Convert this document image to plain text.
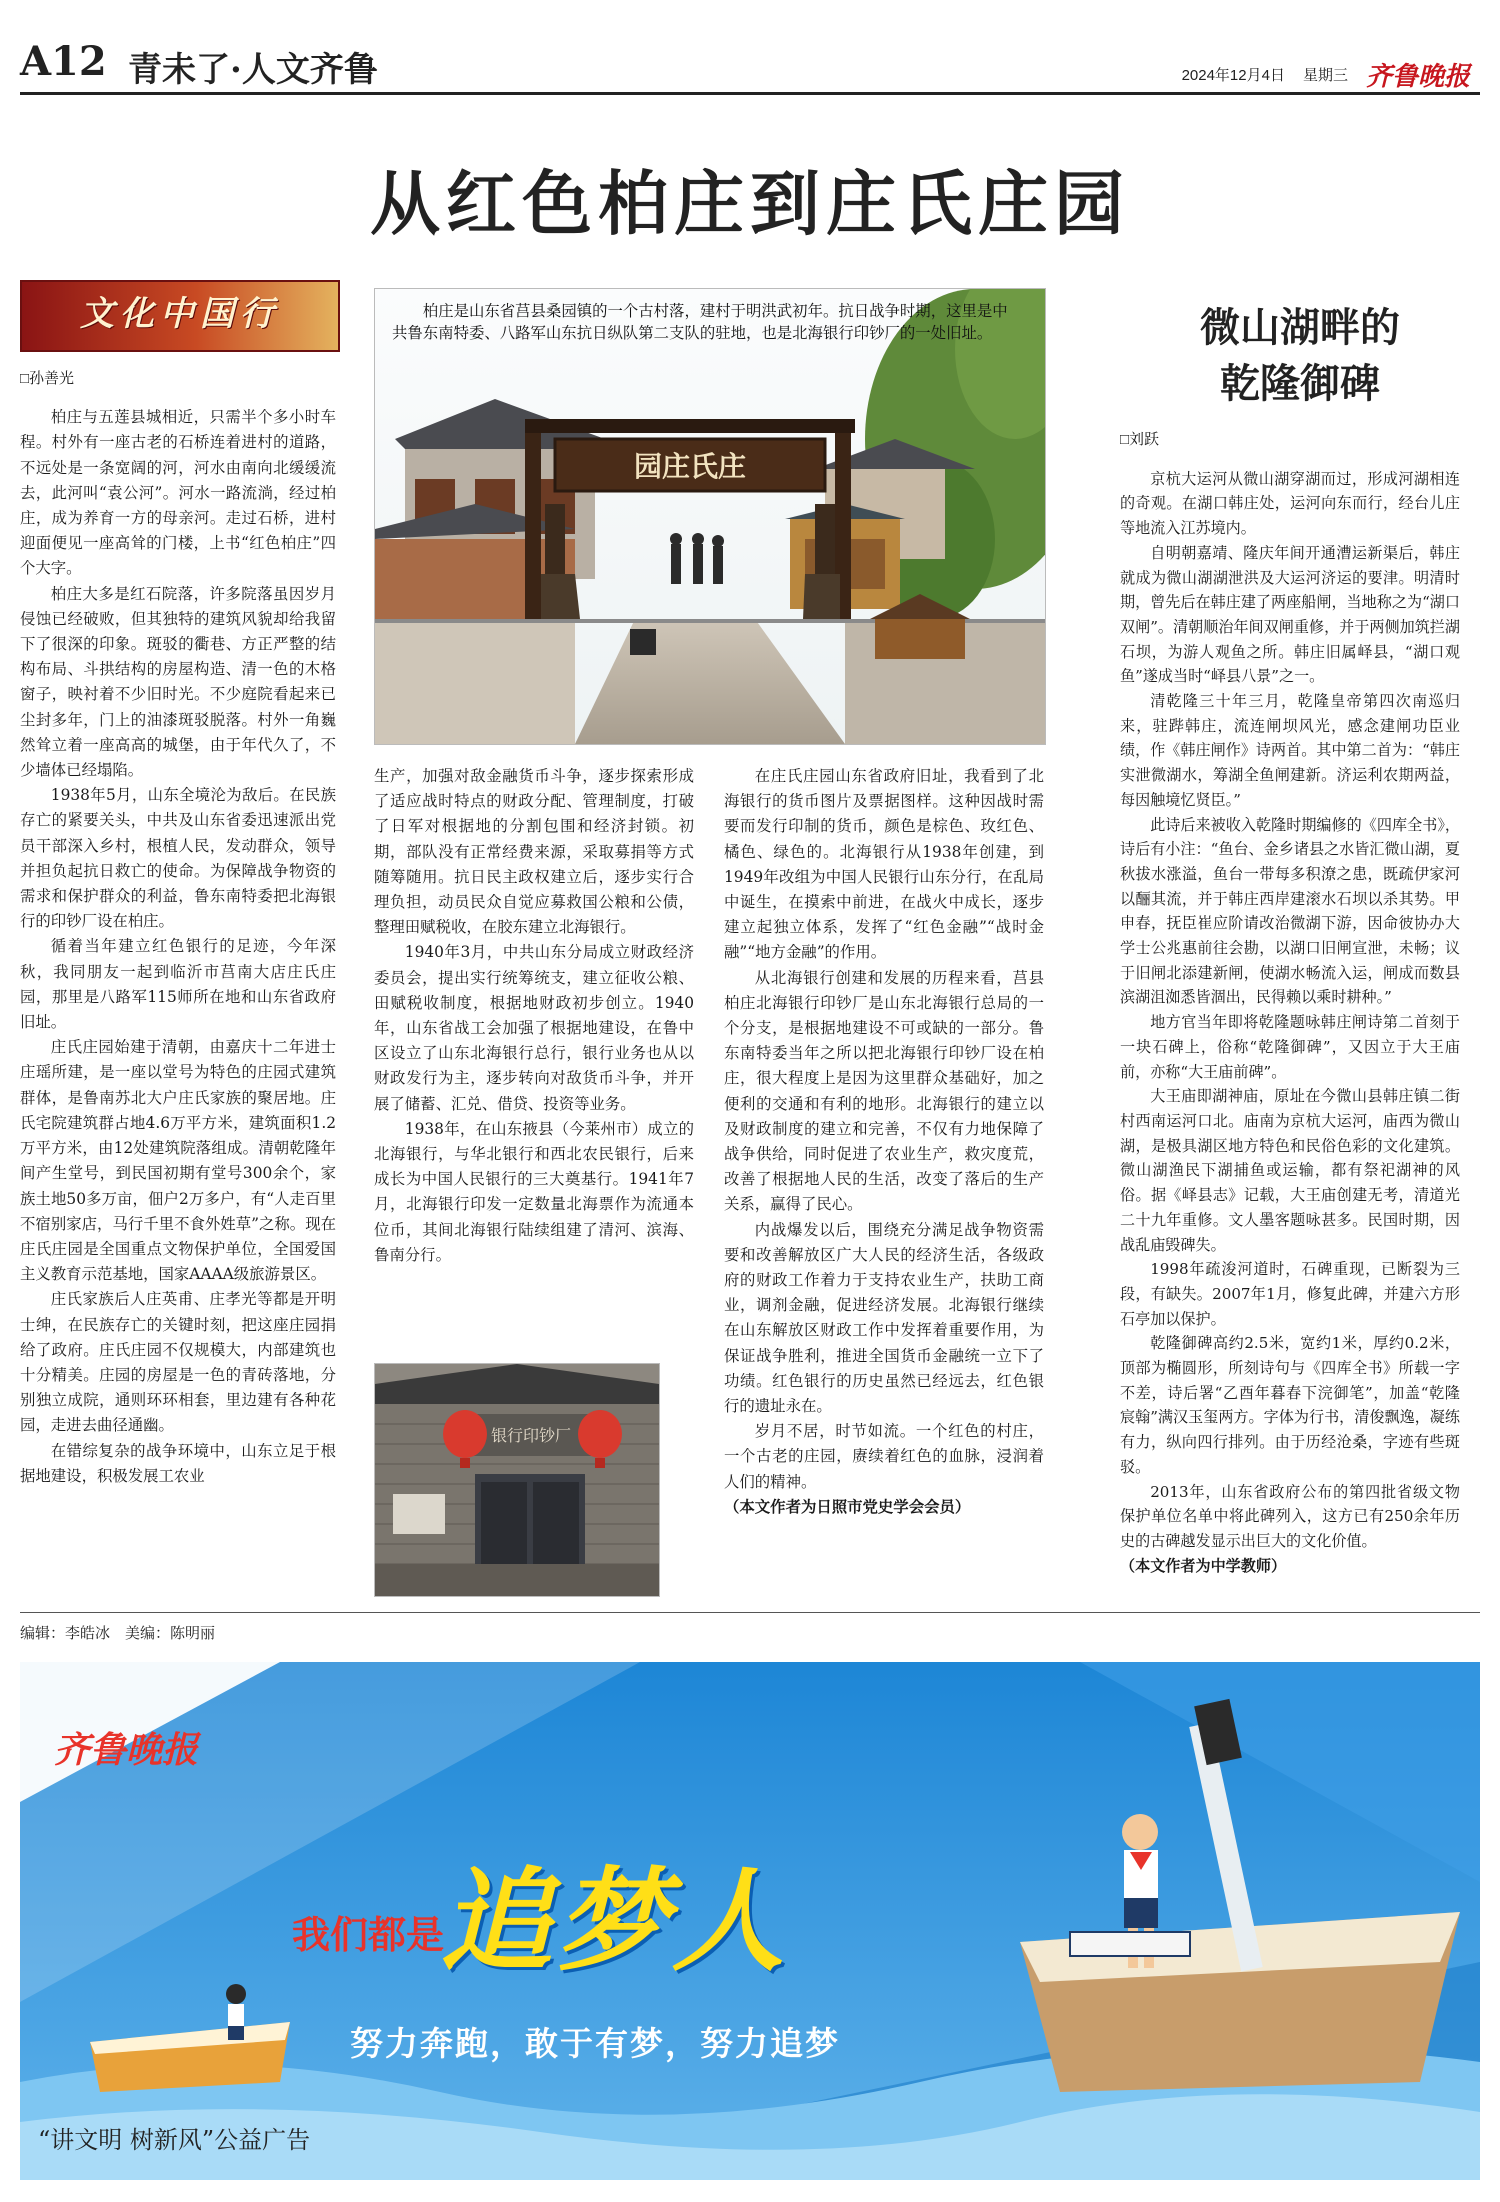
A12 青未了·人文齐鲁	2024年12月4日 星期三 齐鲁晚报
从红色柏庄到庄氏庄园
文化中国行

□孙善光

柏庄与五莲县城相近，只需半个多小时车程。村外有一座古老的石桥连着进村的道路，不远处是一条宽阔的河，河水由南向北缓缓流去，此河叫“袁公河”。河水一路流淌，经过柏庄，成为养育一方的母亲河。走过石桥，进村迎面便见一座高耸的门楼，上书“红色柏庄”四个大字。

柏庄大多是红石院落，许多院落虽因岁月侵蚀已经破败，但其独特的建筑风貌却给我留下了很深的印象。斑驳的衢巷、方正严整的结构布局、斗拱结构的房屋构造、清一色的木格窗子，映衬着不少旧时光。不少庭院看起来已尘封多年，门上的油漆斑驳脱落。村外一角巍然耸立着一座高高的城堡，由于年代久了，不少墙体已经塌陷。

1938年5月，山东全境沦为敌后。在民族存亡的紧要关头，中共及山东省委迅速派出党员干部深入乡村，根植人民，发动群众，领导并担负起抗日救亡的使命。为保障战争物资的需求和保护群众的利益，鲁东南特委把北海银行的印钞厂设在柏庄。

循着当年建立红色银行的足迹，今年深秋，我同朋友一起到临沂市莒南大店庄氏庄园，那里是八路军115师所在地和山东省政府旧址。

庄氏庄园始建于清朝，由嘉庆十二年进士庄瑶所建，是一座以堂号为特色的庄园式建筑群体，是鲁南苏北大户庄氏家族的聚居地。庄氏宅院建筑群占地4.6万平方米，建筑面积1.2万平方米，由12处建筑院落组成。清朝乾隆年间产生堂号，到民国初期有堂号300余个，家族土地50多万亩，佃户2万多户，有“人走百里不宿别家店，马行千里不食外姓草”之称。现在庄氏庄园是全国重点文物保护单位，全国爱国主义教育示范基地，国家AAAA级旅游景区。

庄氏家族后人庄英甫、庄孝光等都是开明士绅，在民族存亡的关键时刻，把这座庄园捐给了政府。庄氏庄园不仅规模大，内部建筑也十分精美。庄园的房屋是一色的青砖落地，分别独立成院，通则环环相套，里边建有各种花园，走进去曲径通幽。

在错综复杂的战争环境中，山东立足于根据地建设，积极发展工农业

园庄氏庄
柏庄是山东省莒县桑园镇的一个古村落，建村于明洪武初年。抗日战争时期，这里是中共鲁东南特委、八路军山东抗日纵队第二支队的驻地，也是北海银行印钞厂的一处旧址。

生产，加强对敌金融货币斗争，逐步探索形成了适应战时特点的财政分配、管理制度，打破了日军对根据地的分割包围和经济封锁。初期，部队没有正常经费来源，采取募捐等方式随筹随用。抗日民主政权建立后，逐步实行合理负担，动员民众自觉应募救国公粮和公债，整理田赋税收，在胶东建立北海银行。

1940年3月，中共山东分局成立财政经济委员会，提出实行统筹统支，建立征收公粮、田赋税收制度，根据地财政初步创立。1940年，山东省战工会加强了根据地建设，在鲁中区设立了山东北海银行总行，银行业务也从以财政发行为主，逐步转向对敌货币斗争，并开展了储蓄、汇兑、借贷、投资等业务。

1938年，在山东掖县（今莱州市）成立的北海银行，与华北银行和西北农民银行，后来成长为中国人民银行的三大奠基行。1941年7月，北海银行印发一定数量北海票作为流通本位币，其间北海银行陆续组建了清河、滨海、鲁南分行。

银行印钞厂

在庄氏庄园山东省政府旧址，我看到了北海银行的货币图片及票据图样。这种因战时需要而发行印制的货币，颜色是棕色、玫红色、橘色、绿色的。北海银行从1938年创建，到1949年改组为中国人民银行山东分行，在乱局中诞生，在摸索中前进，在战火中成长，逐步建立起独立体系，发挥了“红色金融”“战时金融”“地方金融”的作用。

从北海银行创建和发展的历程来看，莒县柏庄北海银行印钞厂是山东北海银行总局的一个分支，是根据地建设不可或缺的一部分。鲁东南特委当年之所以把北海银行印钞厂设在柏庄，很大程度上是因为这里群众基础好，加之便利的交通和有利的地形。北海银行的建立以及财政制度的建立和完善，不仅有力地保障了战争供给，同时促进了农业生产，救灾度荒，改善了根据地人民的生活，改变了落后的生产关系，赢得了民心。

内战爆发以后，围绕充分满足战争物资需要和改善解放区广大人民的经济生活，各级政府的财政工作着力于支持农业生产，扶助工商业，调剂金融，促进经济发展。北海银行继续在山东解放区财政工作中发挥着重要作用，为保证战争胜利，推进全国货币金融统一立下了功绩。红色银行的历史虽然已经远去，红色银行的遗址永在。

岁月不居，时节如流。一个红色的村庄，一个古老的庄园，赓续着红色的血脉，浸润着人们的精神。

（本文作者为日照市党史学会会员）

微山湖畔的
乾隆御碑

□刘跃

京杭大运河从微山湖穿湖而过，形成河湖相连的奇观。在湖口韩庄处，运河向东而行，经台儿庄等地流入江苏境内。

自明朝嘉靖、隆庆年间开通漕运新渠后，韩庄就成为微山湖湖泄洪及大运河济运的要津。明清时期，曾先后在韩庄建了两座船闸，当地称之为“湖口双闸”。清朝顺治年间双闸重修，并于两侧加筑拦湖石坝，为游人观鱼之所。韩庄旧属峄县，“湖口观鱼”遂成当时“峄县八景”之一。

清乾隆三十年三月，乾隆皇帝第四次南巡归来，驻跸韩庄，流连闸坝风光，感念建闸功臣业绩，作《韩庄闸作》诗两首。其中第二首为：“韩庄实泄微湖水，筹湖全鱼闸建新。济运利农期两益，每因触境忆贤臣。”

此诗后来被收入乾隆时期编修的《四库全书》，诗后有小注：“鱼台、金乡诸县之水皆汇微山湖，夏秋拔水涨溢，鱼台一带每多积潦之患，既疏伊家河以酾其流，并于韩庄西岸建滚水石坝以杀其势。甲申春，抚臣崔应阶请改治微湖下游，因命彼协办大学士公兆惠前往会勘，以湖口旧闸宣泄，未畅；议于旧闸北添建新闸，使湖水畅流入运，闸成而数县滨湖沮洳悉皆涸出，民得赖以乘时耕种。”

地方官当年即将乾隆题咏韩庄闸诗第二首刻于一块石碑上，俗称“乾隆御碑”，又因立于大王庙前，亦称“大王庙前碑”。

大王庙即湖神庙，原址在今微山县韩庄镇二街村西南运河口北。庙南为京杭大运河，庙西为微山湖，是极具湖区地方特色和民俗色彩的文化建筑。微山湖渔民下湖捕鱼或运输，都有祭祀湖神的风俗。据《峄县志》记载，大王庙创建无考，清道光二十九年重修。文人墨客题咏甚多。民国时期，因战乱庙毁碑失。

1998年疏浚河道时，石碑重现，已断裂为三段，有缺失。2007年1月，修复此碑，并建六方形石亭加以保护。

乾隆御碑高约2.5米，宽约1米，厚约0.2米，顶部为椭圆形，所刻诗句与《四库全书》所载一字不差，诗后署“乙酉年暮春下浣御笔”，加盖“乾隆宸翰”满汉玉玺两方。字体为行书，清俊飘逸，凝练有力，纵向四行排列。由于历经沧桑，字迹有些斑驳。

2013年，山东省政府公布的第四批省级文物保护单位名单中将此碑列入，这方已有250余年历史的古碑越发显示出巨大的文化价值。

（本文作者为中学教师）

编辑：李皓冰　美编：陈明丽
齐鲁晚报
我们都是
追梦人
努力奔跑，敢于有梦，努力追梦
“讲文明 树新风”公益广告
